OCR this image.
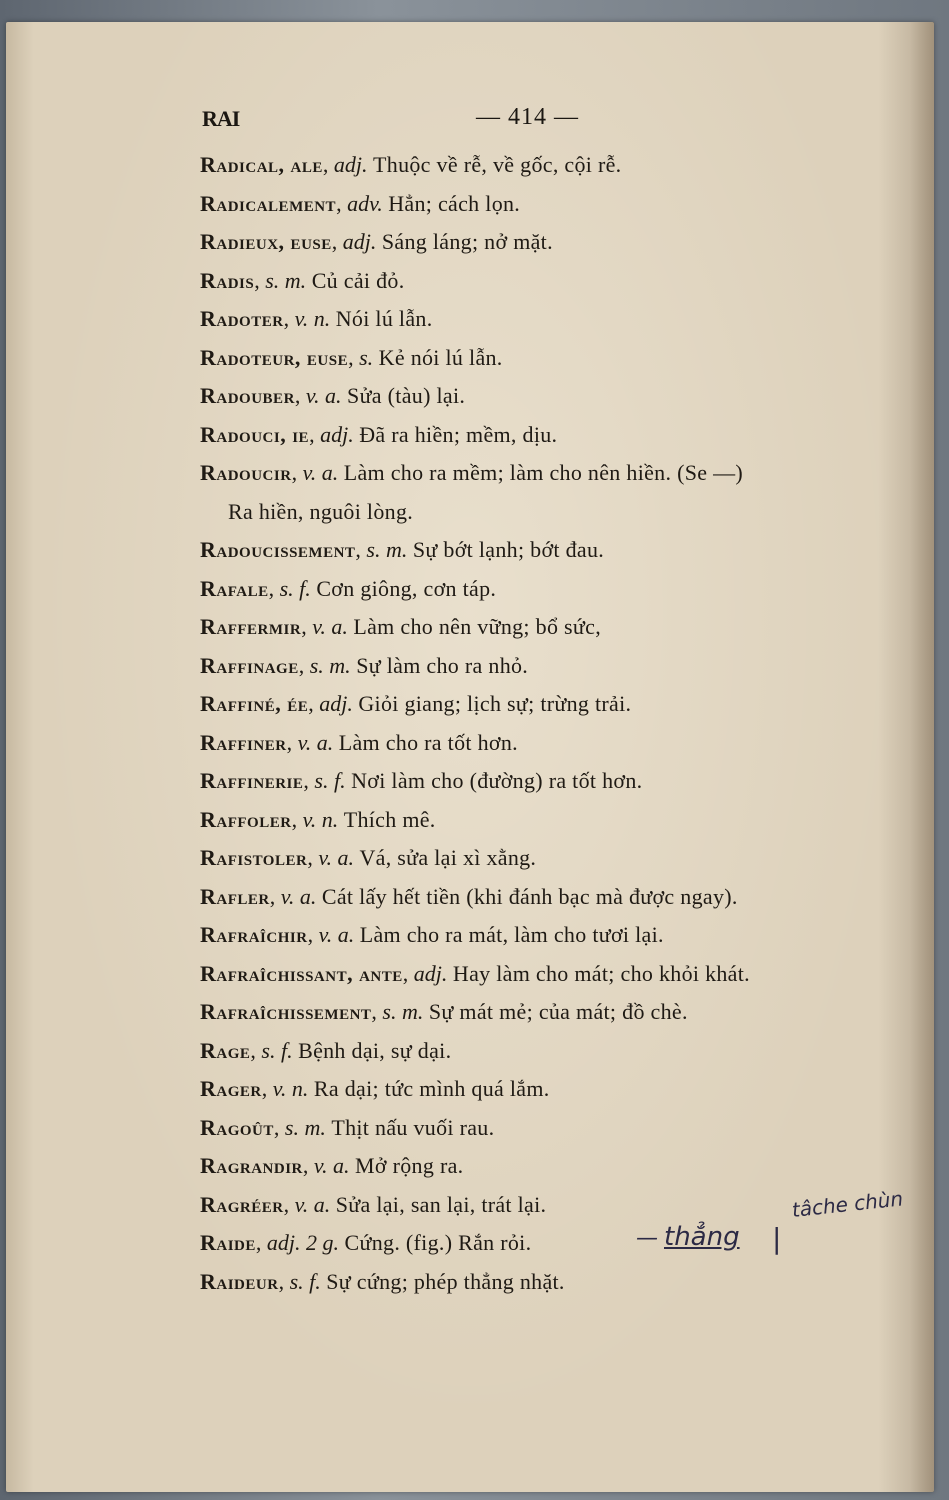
RAI	— 414 —
Radical, ale, adj. Thuộc về rễ, về gốc, cội rễ.
Radicalement, adv. Hẳn; cách lọn.
Radieux, euse, adj. Sáng láng; nở mặt.
Radis, s. m. Củ cải đỏ.
Radoter, v. n. Nói lú lẫn.
Radoteur, euse, s. Kẻ nói lú lẫn.
Radouber, v. a. Sửa (tàu) lại.
Radouci, ie, adj. Đã ra hiền; mềm, dịu.
Radoucir, v. a. Làm cho ra mềm; làm cho nên hiền. (Se —)
Ra hiền, nguôi lòng.
Radoucissement, s. m. Sự bớt lạnh; bớt đau.
Rafale, s. f. Cơn giông, cơn táp.
Raffermir, v. a. Làm cho nên vững; bổ sức,
Raffinage, s. m. Sự làm cho ra nhỏ.
Raffiné, ée, adj. Giỏi giang; lịch sự; trừng trải.
Raffiner, v. a. Làm cho ra tốt hơn.
Raffinerie, s. f. Nơi làm cho (đường) ra tốt hơn.
Raffoler, v. n. Thích mê.
Rafistoler, v. a. Vá, sửa lại xì xằng.
Rafler, v. a. Cát lấy hết tiền (khi đánh bạc mà được ngay).
Rafraîchir, v. a. Làm cho ra mát, làm cho tươi lại.
Rafraîchissant, ante, adj. Hay làm cho mát; cho khỏi khát.
Rafraîchissement, s. m. Sự mát mẻ; của mát; đồ chè.
Rage, s. f. Bệnh dại, sự dại.
Rager, v. n. Ra dại; tức mình quá lắm.
Ragoût, s. m. Thịt nấu vuối rau.
Ragrandir, v. a. Mở rộng ra.
Ragréer, v. a. Sửa lại, san lại, trát lại.
Raide, adj. 2 g. Cứng. (fig.) Rắn rỏi.
Raideur, s. f. Sự cứng; phép thẳng nhặt.
— thẳng |
tâche chùn
